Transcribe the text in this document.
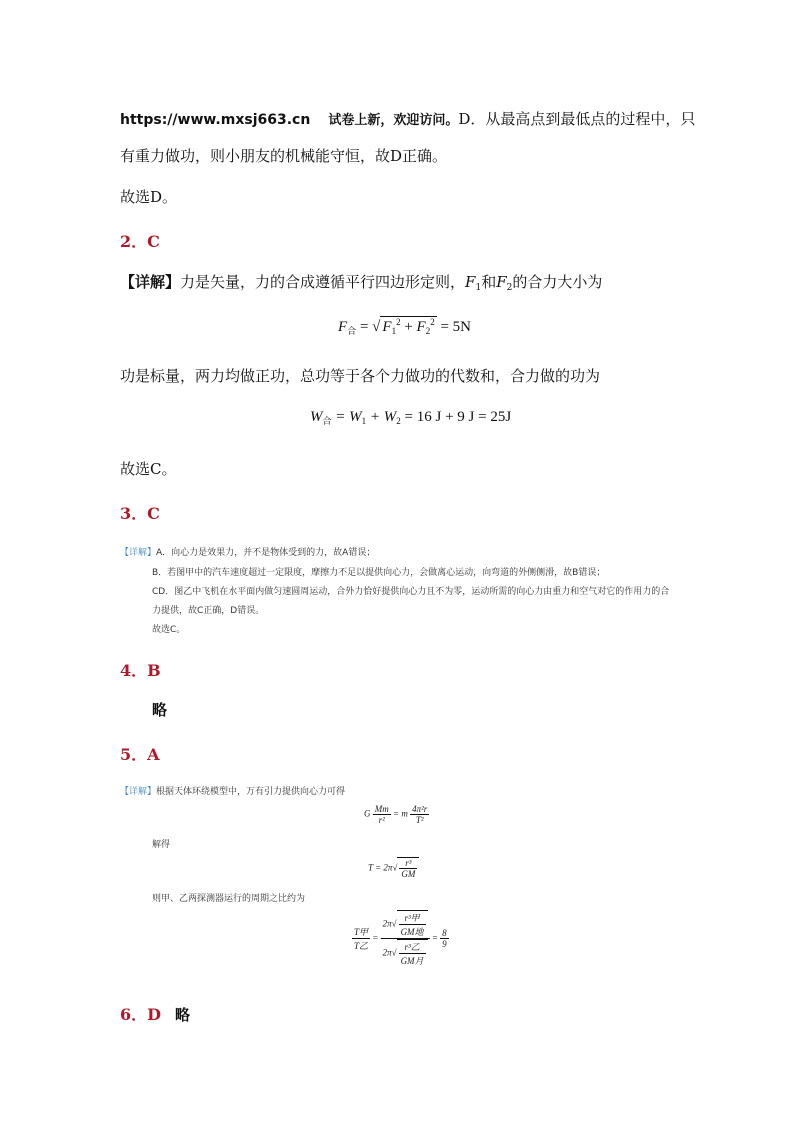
https://www.mxsj663.cn 试卷上新，欢迎访问。D．从最高点到最低点的过程中，只
有重力做功，则小朋友的机械能守恒，故D正确。
故选D。
2．C
【详解】力是矢量，力的合成遵循平行四边形定则，$F_1$和$F_2$的合力大小为
$F_合$ = √ $F_1^2 + F_2^2 = 5N$
功是标量，两力均做正功，总功等于各个力做功的代数和，合力做的功为
$W_合 = W_1 + W_2 = 16$ J + 9 J = 25J
故选C。
3．C
【详解】A．向心力是效果力，并不是物体受到的力，故A错误；
B．若图甲中的汽车速度超过一定限度，摩擦力不足以提供向心力，会做离心运动，向弯道的外侧侧滑，故B错误；
CD．图乙中飞机在水平面内做匀速圆周运动，合外力恰好提供向心力且不为零，运动所需的向心力由重力和空气对它的作用力的合
力提供，故C正确，D错误。
故选C。
4．B
略
5．A
【详解】根据天体环绕模型中，万有引力提供向心力可得
G $\frac{Mm}{\text{r²}} = m \frac{\text{4π²r}}{\text{T²}}$
解得
$T = 2\pi√ \frac{\text{r³}}{GM}$
则甲、乙两探测器运行的周期之比约为
$\frac{\text{T甲}}{\text{T乙}} = \frac{2\pi√ \frac{\text{r³甲}}{\text{GM地}}}{2\pi√ \frac{\text{r³乙}}{\text{GM月}}} = \frac{8}{9}$
6．D 略
